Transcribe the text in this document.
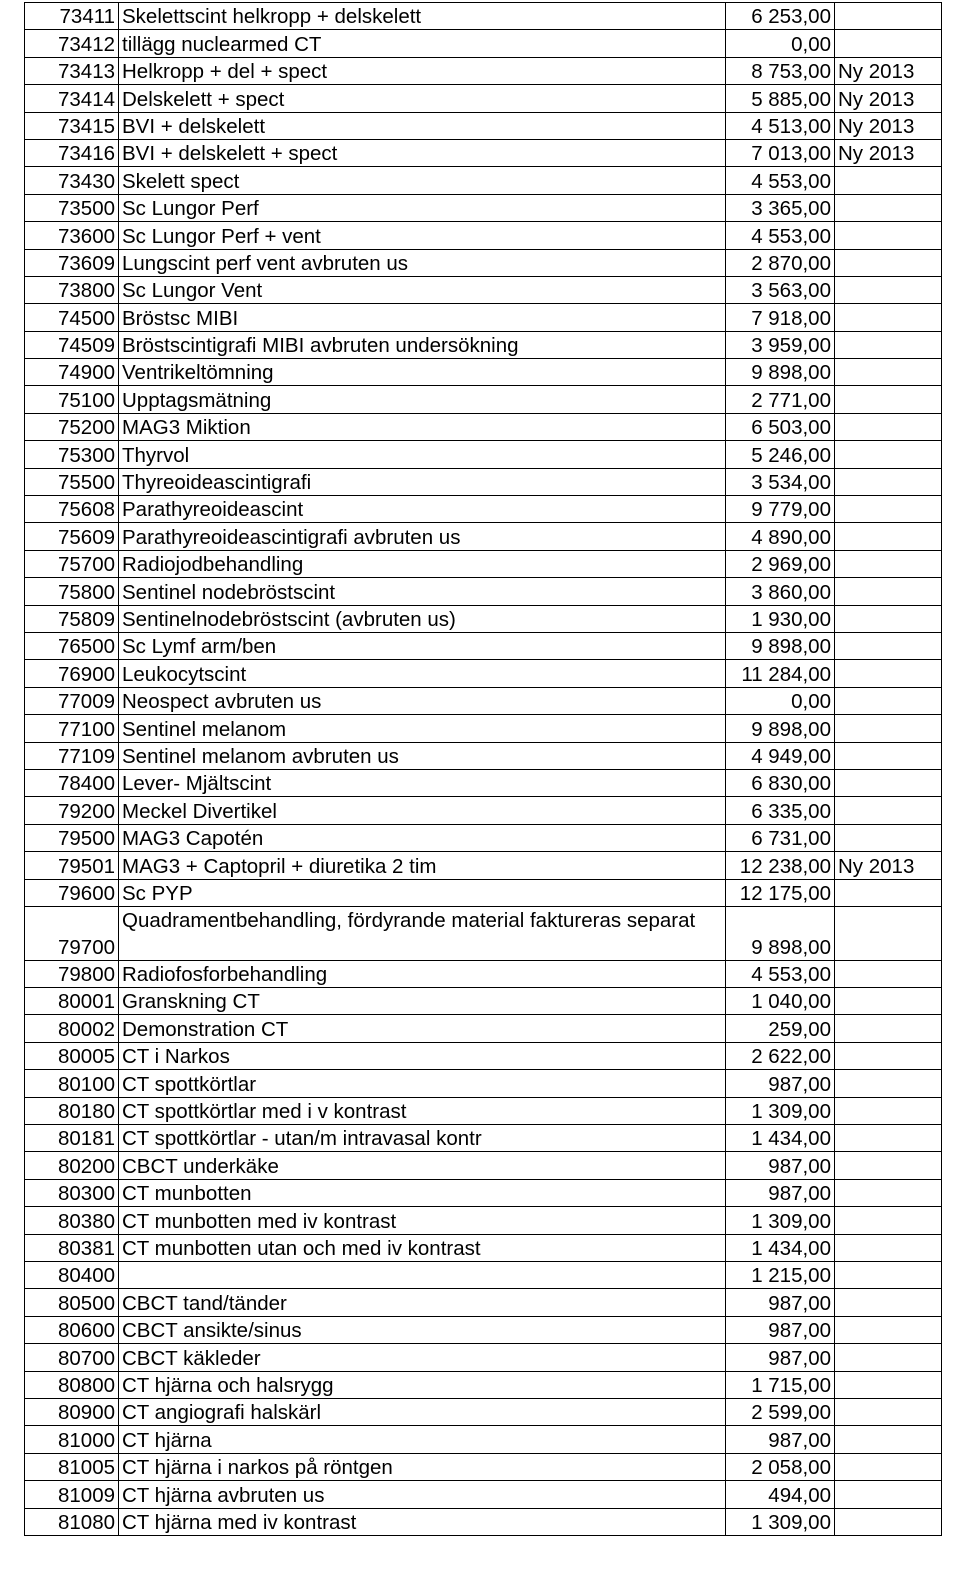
73411	Skelettscint helkropp + delskelett	6 253,00	
73412	tillägg nuclearmed CT	0,00	
73413	Helkropp + del + spect	8 753,00	Ny 2013
73414	Delskelett + spect	5 885,00	Ny 2013
73415	BVI + delskelett	4 513,00	Ny 2013
73416	BVI + delskelett + spect	7 013,00	Ny 2013
73430	Skelett spect	4 553,00	
73500	Sc Lungor Perf	3 365,00	
73600	Sc Lungor Perf + vent	4 553,00	
73609	Lungscint perf vent avbruten us	2 870,00	
73800	Sc Lungor Vent	3 563,00	
74500	Bröstsc MIBI	7 918,00	
74509	Bröstscintigrafi MIBI avbruten undersökning	3 959,00	
74900	Ventrikeltömning	9 898,00	
75100	Upptagsmätning	2 771,00	
75200	MAG3 Miktion	6 503,00	
75300	Thyrvol	5 246,00	
75500	Thyreoideascintigrafi	3 534,00	
75608	Parathyreoideascint	9 779,00	
75609	Parathyreoideascintigrafi avbruten us	4 890,00	
75700	Radiojodbehandling	2 969,00	
75800	Sentinel nodebröstscint	3 860,00	
75809	Sentinelnodebröstscint (avbruten us)	1 930,00	
76500	Sc Lymf arm/ben	9 898,00	
76900	Leukocytscint	11 284,00	
77009	Neospect avbruten us	0,00	
77100	Sentinel melanom	9 898,00	
77109	Sentinel melanom avbruten us	4 949,00	
78400	Lever- Mjältscint	6 830,00	
79200	Meckel Divertikel	6 335,00	
79500	MAG3 Capotén	6 731,00	
79501	MAG3 + Captopril + diuretika 2 tim	12 238,00	Ny 2013
79600	Sc PYP	12 175,00	
79700	Quadramentbehandling, fördyrande material faktureras separat	9 898,00	
79800	Radiofosforbehandling	4 553,00	
80001	Granskning CT	1 040,00	
80002	Demonstration CT	259,00	
80005	CT i Narkos	2 622,00	
80100	CT spottkörtlar	987,00	
80180	CT spottkörtlar med i v kontrast	1 309,00	
80181	CT spottkörtlar - utan/m intravasal kontr	1 434,00	
80200	CBCT underkäke	987,00	
80300	CT munbotten	987,00	
80380	CT munbotten med iv kontrast	1 309,00	
80381	CT munbotten utan och med iv kontrast	1 434,00	
80400		1 215,00	
80500	CBCT tand/tänder	987,00	
80600	CBCT ansikte/sinus	987,00	
80700	CBCT käkleder	987,00	
80800	CT hjärna och halsrygg	1 715,00	
80900	CT angiografi halskärl	2 599,00	
81000	CT hjärna	987,00	
81005	CT hjärna i narkos på röntgen	2 058,00	
81009	CT hjärna avbruten us	494,00	
81080	CT hjärna med iv kontrast	1 309,00	
